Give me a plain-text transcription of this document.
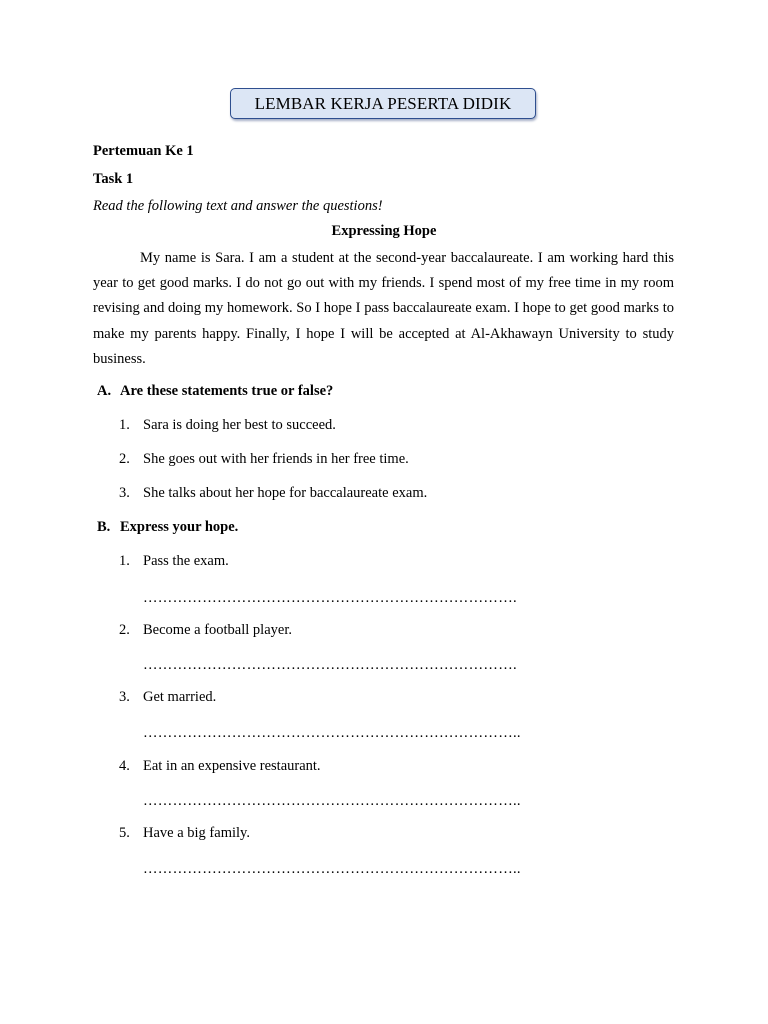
LEMBAR KERJA PESERTA DIDIK
Pertemuan Ke 1
Task 1
Read the following text and answer the questions!
Expressing Hope

My name is Sara. I am a student at the second-year baccalaureate. I am working hard this year to get good marks. I do not go out with my friends. I spend most of my free time in my room revising and doing my homework. So I hope I pass baccalaureate exam. I hope to get good marks to make my parents happy. Finally, I hope I will be accepted at Al-Akhawayn University to study business.

A. Are these statements true or false?
1. Sara is doing her best to succeed.
2. She goes out with her friends in her free time.
3. She talks about her hope for baccalaureate exam.
B. Express your hope.
1. Pass the exam.
………………………………………………………………….
2. Become a football player.
………………………………………………………………….
3. Get married.
…………………………………………………………………..
4. Eat in an expensive restaurant.
…………………………………………………………………..
5. Have a big family.
…………………………………………………………………..
